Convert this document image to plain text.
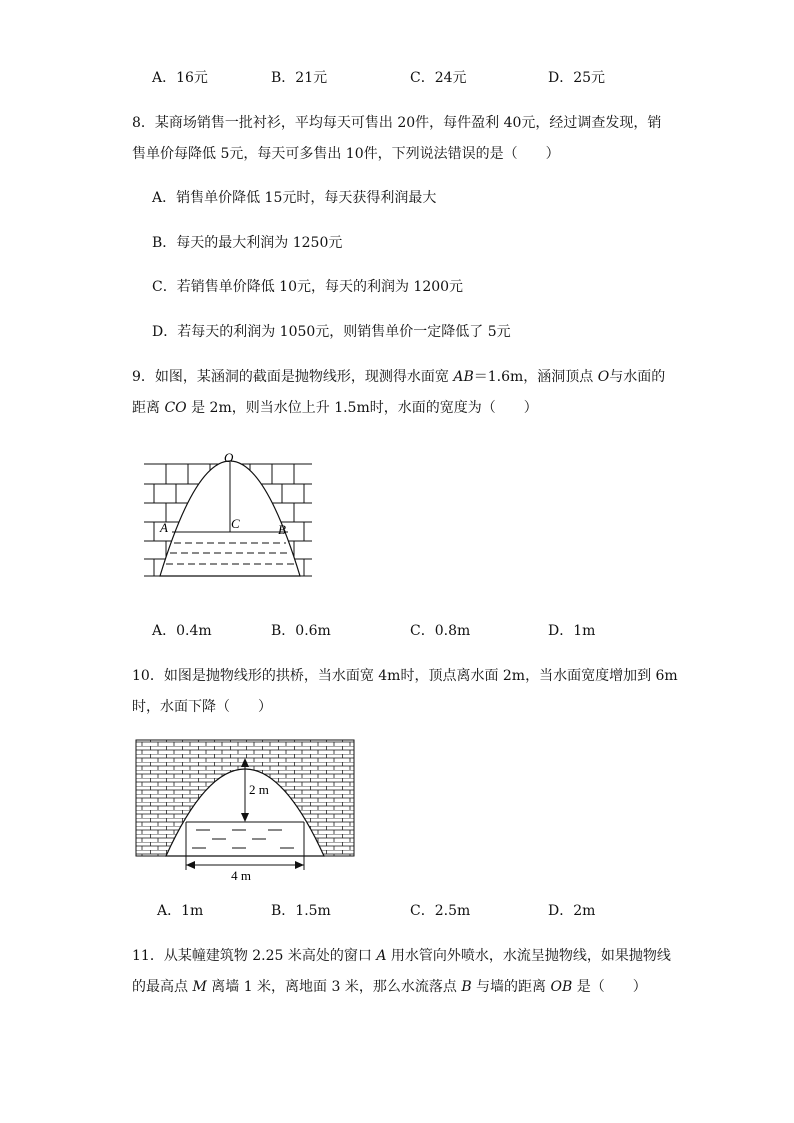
A．16元	B．21元	C．24元	D．25元
8．某商场销售一批衬衫，平均每天可售出 20件，每件盈利 40元，经过调查发现，销
售单价每降低 5元，每天可多售出 10件，下列说法错误的是（　　）
A．销售单价降低 15元时，每天获得利润最大
B．每天的最大利润为 1250元
C．若销售单价降低 10元，每天的利润为 1200元
D．若每天的利润为 1050元，则销售单价一定降低了 5元
9．如图，某涵洞的截面是抛物线形，现测得水面宽 AB＝1.6m，涵洞顶点 O与水面的
距离 CO 是 2m，则当水位上升 1.5m时，水面的宽度为（　　）
O
A	B
C
A．0.4m	B．0.6m	C．0.8m	D．1m
10．如图是抛物线形的拱桥，当水面宽 4m时，顶点离水面 2m，当水面宽度增加到 6m
时，水面下降（　　）
2 m
4 m
A．1m	B．1.5m	C．2.5m	D．2m
11．从某幢建筑物 2.25 米高处的窗口 A 用水管向外喷水，水流呈抛物线，如果抛物线
的最高点 M 离墙 1 米，离地面 3 米，那么水流落点 B 与墙的距离 OB 是（　　）
